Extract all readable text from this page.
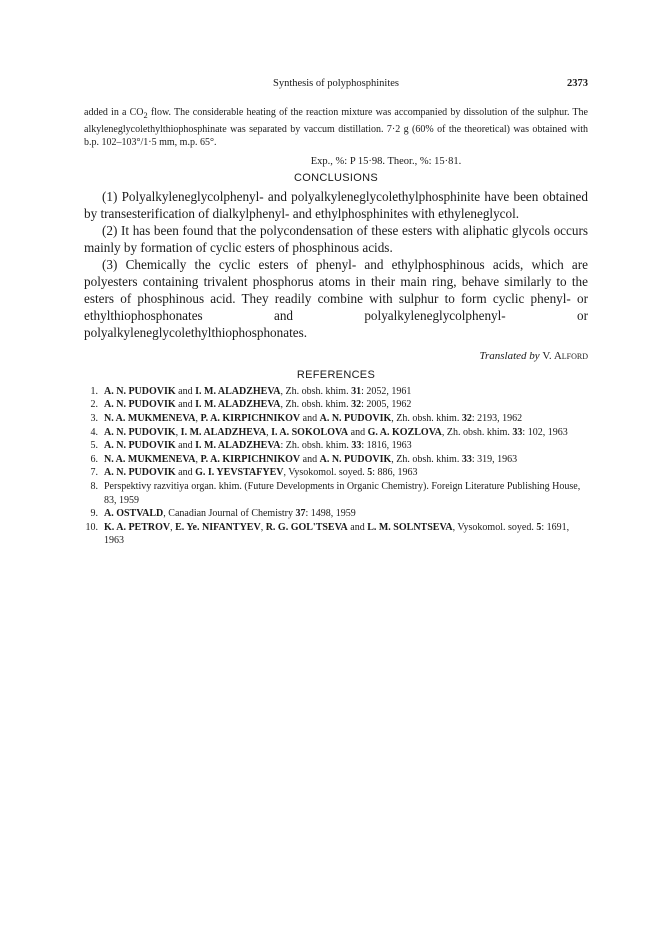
Synthesis of polyphosphinites	2373
added in a $CO_2$ flow. The considerable heating of the reaction mixture was accompanied by dissolution of the sulphur. The alkyleneglycolethylthiophosphinate was separated by vaccum distillation. 7·2 g (60% of the theoretical) was obtained with b.p. 102–103°/1·5 mm, m.p. 65°.
Exp., %: P 15·98. Theor., %: 15·81.
CONCLUSIONS

(1) Polyalkyleneglycolphenyl- and polyalkyleneglycolethylphosphinite have been obtained by transesterification of dialkylphenyl- and ethylphosphinites with ethyleneglycol.

(2) It has been found that the polycondensation of these esters with aliphatic glycols occurs mainly by formation of cyclic esters of phosphinous acids.

(3) Chemically the cyclic esters of phenyl- and ethylphosphinous acids, which are polyesters containing trivalent phosphorus atoms in their main ring, behave similarly to the esters of phosphinous acid. They readily combine with sulphur to form cyclic phenyl- or ethylthiophosphonates and polyalkyleneglycolphenyl- or polyalkyleneglycolethylthiophosphonates.

Translated by V. Alford
REFERENCES
1. A. N. PUDOVIK and I. M. ALADZHEVA, Zh. obsh. khim. 31: 2052, 1961
2. A. N. PUDOVIK and I. M. ALADZHEVA, Zh. obsh. khim. 32: 2005, 1962
3. N. A. MUKMENEVA, P. A. KIRPICHNIKOV and A. N. PUDOVIK, Zh. obsh. khim. 32: 2193, 1962
4. A. N. PUDOVIK, I. M. ALADZHEVA, I. A. SOKOLOVA and G. A. KOZLOVA, Zh. obsh. khim. 33: 102, 1963
5. A. N. PUDOVIK and I. M. ALADZHEVA: Zh. obsh. khim. 33: 1816, 1963
6. N. A. MUKMENEVA, P. A. KIRPICHNIKOV and A. N. PUDOVIK, Zh. obsh. khim. 33: 319, 1963
7. A. N. PUDOVIK and G. I. YEVSTAFYEV, Vysokomol. soyed. 5: 886, 1963
8. Perspektivy razvitiya organ. khim. (Future Developments in Organic Chemistry). Foreign Literature Publishing House, 83, 1959
9. A. OSTVALD, Canadian Journal of Chemistry 37: 1498, 1959
10. K. A. PETROV, E. Ye. NIFANTYEV, R. G. GOL'TSEVA and L. M. SOLNTSEVA, Vysokomol. soyed. 5: 1691, 1963
